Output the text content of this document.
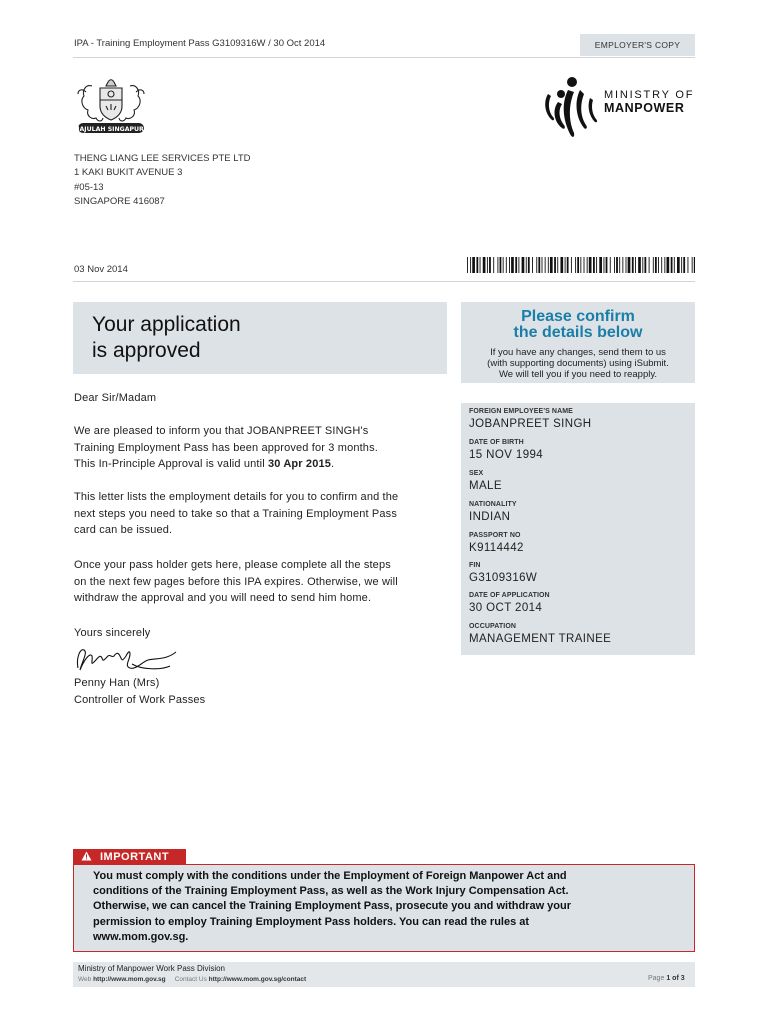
IPA - Training Employment Pass G3109316W / 30 Oct 2014	EMPLOYER'S COPY
MAJULAH SINGAPURA
MINISTRY OF
MANPOWER
THENG LIANG LEE SERVICES PTE LTD
1 KAKI BUKIT AVENUE 3
#05-13
SINGAPORE 416087
03 Nov 2014
Your application
is approved
Please confirm
the details below
If you have any changes, send them to us
(with supporting documents) using iSubmit.
We will tell you if you need to reapply.
FOREIGN EMPLOYEE'S NAME
JOBANPREET SINGH
DATE OF BIRTH
15 NOV 1994
SEX
MALE
NATIONALITY
INDIAN
PASSPORT NO
K9114442
FIN
G3109316W
DATE OF APPLICATION
30 OCT 2014
OCCUPATION
MANAGEMENT TRAINEE
Dear Sir/Madam
We are pleased to inform you that JOBANPREET SINGH's
Training Employment Pass has been approved for 3 months.
This In-Principle Approval is valid until 30 Apr 2015.
This letter lists the employment details for you to confirm and the
next steps you need to take so that a Training Employment Pass
card can be issued.
Once your pass holder gets here, please complete all the steps
on the next few pages before this IPA expires. Otherwise, we will
withdraw the approval and you will need to send him home.
Yours sincerely
Penny Han (Mrs)
Controller of Work Passes
IMPORTANT
You must comply with the conditions under the Employment of Foreign Manpower Act and
conditions of the Training Employment Pass, as well as the Work Injury Compensation Act.
Otherwise, we can cancel the Training Employment Pass, prosecute you and withdraw your
permission to employ Training Employment Pass holders. You can read the rules at
www.mom.gov.sg.
Ministry of Manpower Work Pass Division
Web http://www.mom.gov.sg Contact Us http://www.mom.gov.sg/contact	Page 1 of 3
